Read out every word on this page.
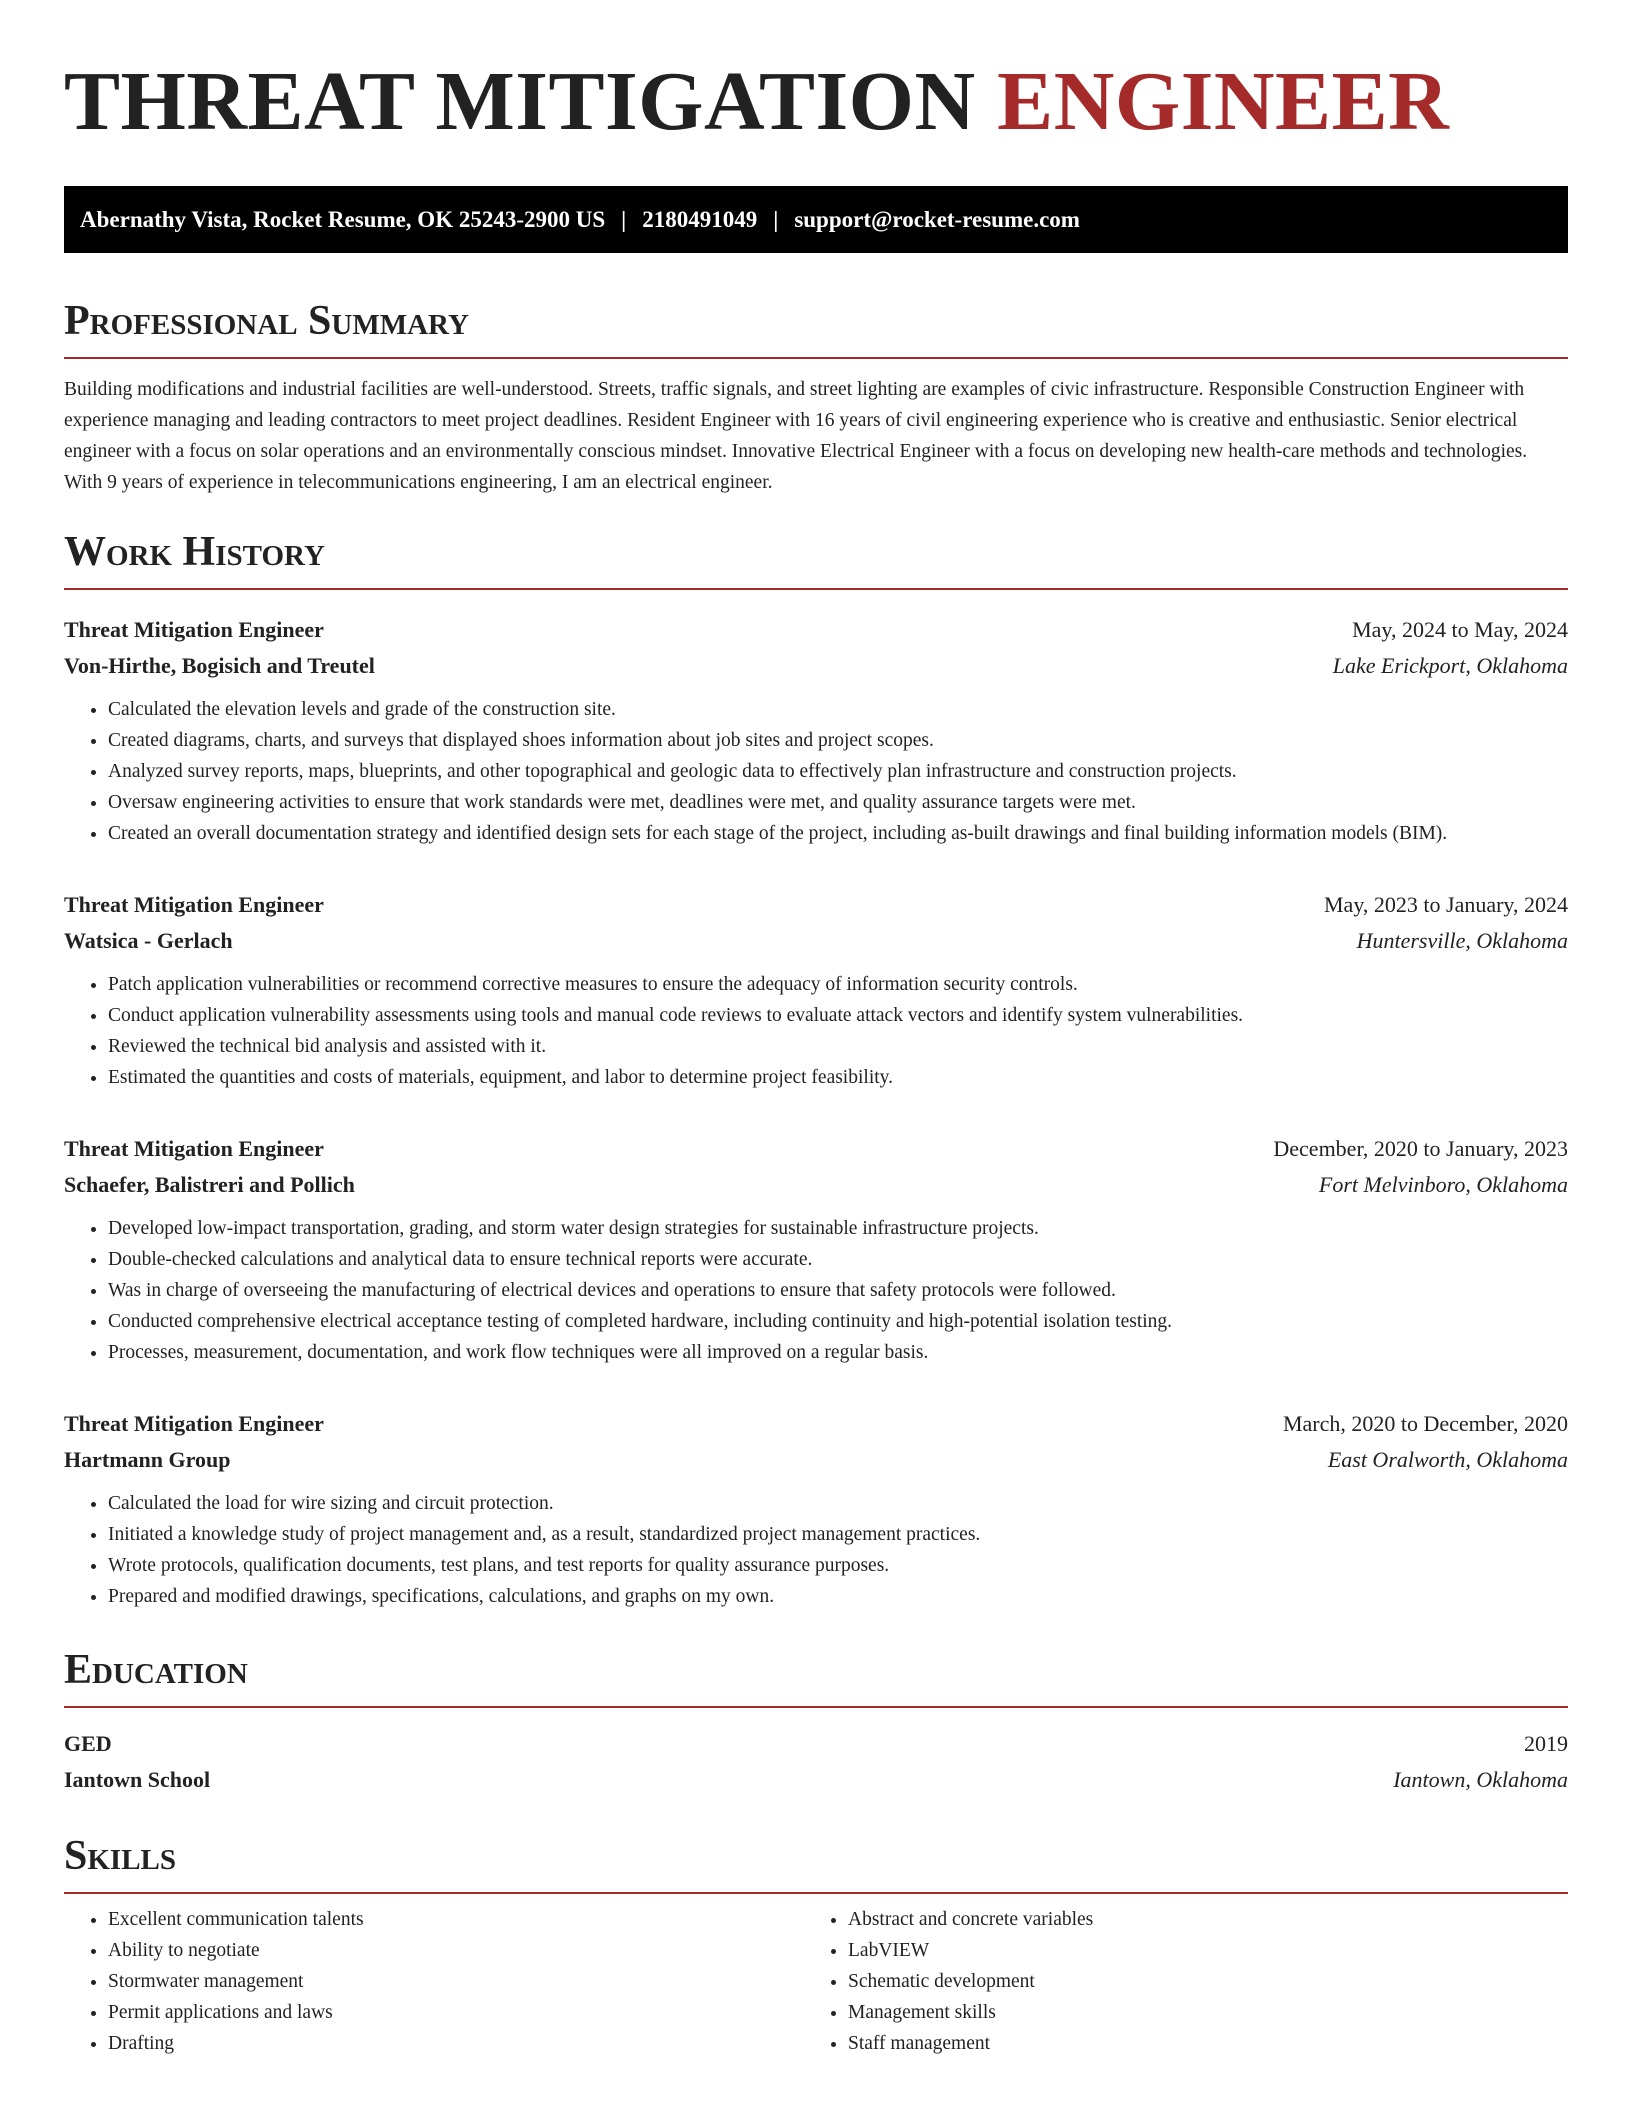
THREAT MITIGATION ENGINEER
Abernathy Vista, Rocket Resume, OK 25243-2900 US | 2180491049 | support@rocket-resume.com
Professional Summary

Building modifications and industrial facilities are well-understood. Streets, traffic signals, and street lighting are examples of civic infrastructure. Responsible Construction Engineer with experience managing and leading contractors to meet project deadlines. Resident Engineer with 16 years of civil engineering experience who is creative and enthusiastic. Senior electrical engineer with a focus on solar operations and an environmentally conscious mindset. Innovative Electrical Engineer with a focus on developing new health-care methods and technologies. With 9 years of experience in telecommunications engineering, I am an electrical engineer.

Work History
Threat Mitigation Engineer	May, 2024 to May, 2024
Von-Hirthe, Bogisich and Treutel	Lake Erickport, Oklahoma
• Calculated the elevation levels and grade of the construction site.
• Created diagrams, charts, and surveys that displayed shoes information about job sites and project scopes.
• Analyzed survey reports, maps, blueprints, and other topographical and geologic data to effectively plan infrastructure and construction projects.
• Oversaw engineering activities to ensure that work standards were met, deadlines were met, and quality assurance targets were met.
• Created an overall documentation strategy and identified design sets for each stage of the project, including as-built drawings and final building information models (BIM).
Threat Mitigation Engineer	May, 2023 to January, 2024
Watsica - Gerlach	Huntersville, Oklahoma
• Patch application vulnerabilities or recommend corrective measures to ensure the adequacy of information security controls.
• Conduct application vulnerability assessments using tools and manual code reviews to evaluate attack vectors and identify system vulnerabilities.
• Reviewed the technical bid analysis and assisted with it.
• Estimated the quantities and costs of materials, equipment, and labor to determine project feasibility.
Threat Mitigation Engineer	December, 2020 to January, 2023
Schaefer, Balistreri and Pollich	Fort Melvinboro, Oklahoma
• Developed low-impact transportation, grading, and storm water design strategies for sustainable infrastructure projects.
• Double-checked calculations and analytical data to ensure technical reports were accurate.
• Was in charge of overseeing the manufacturing of electrical devices and operations to ensure that safety protocols were followed.
• Conducted comprehensive electrical acceptance testing of completed hardware, including continuity and high-potential isolation testing.
• Processes, measurement, documentation, and work flow techniques were all improved on a regular basis.
Threat Mitigation Engineer	March, 2020 to December, 2020
Hartmann Group	East Oralworth, Oklahoma
• Calculated the load for wire sizing and circuit protection.
• Initiated a knowledge study of project management and, as a result, standardized project management practices.
• Wrote protocols, qualification documents, test plans, and test reports for quality assurance purposes.
• Prepared and modified drawings, specifications, calculations, and graphs on my own.
Education
GED	2019
Iantown School	Iantown, Oklahoma
Skills
• Excellent communication talents
• Ability to negotiate
• Stormwater management
• Permit applications and laws
• Drafting
• Abstract and concrete variables
• LabVIEW
• Schematic development
• Management skills
• Staff management
